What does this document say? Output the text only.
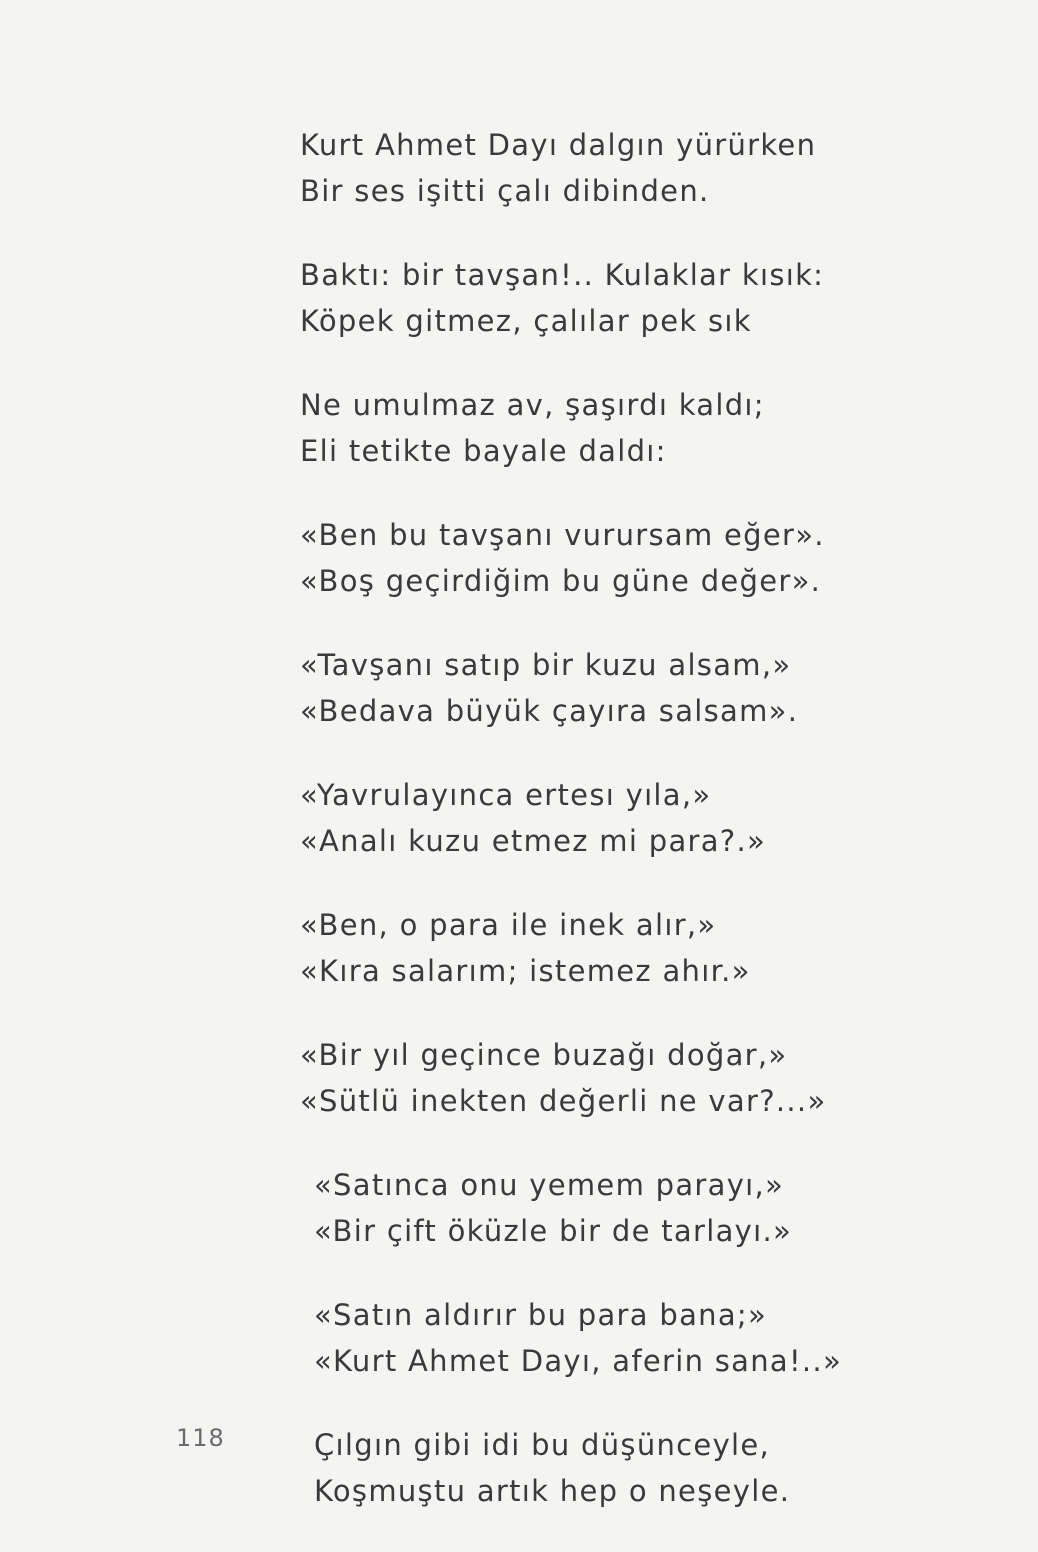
Kurt Ahmet Dayı dalgın yürürken
Bir ses işitti çalı dibinden.
Baktı: bir tavşan!.. Kulaklar kısık:
Köpek gitmez, çalılar pek sık
Ne umulmaz av, şaşırdı kaldı;
Eli tetikte bayale daldı:
«Ben bu tavşanı vurursam eğer».
«Boş geçirdiğim bu güne değer».
«Tavşanı satıp bir kuzu alsam,»
«Bedava büyük çayıra salsam».
«Yavrulayınca ertesı yıla,»
«Analı kuzu etmez mi para?.»
«Ben, o para ile inek alır,»
«Kıra salarım; istemez ahır.»
«Bir yıl geçince buzağı doğar,»
«Sütlü inekten değerli ne var?...»
«Satınca onu yemem parayı,»
«Bir çift öküzle bir de tarlayı.»
«Satın aldırır bu para bana;»
«Kurt Ahmet Dayı, aferin sana!..»
Çılgın gibi idi bu düşünceyle,
Koşmuştu artık hep o neşeyle.
118
